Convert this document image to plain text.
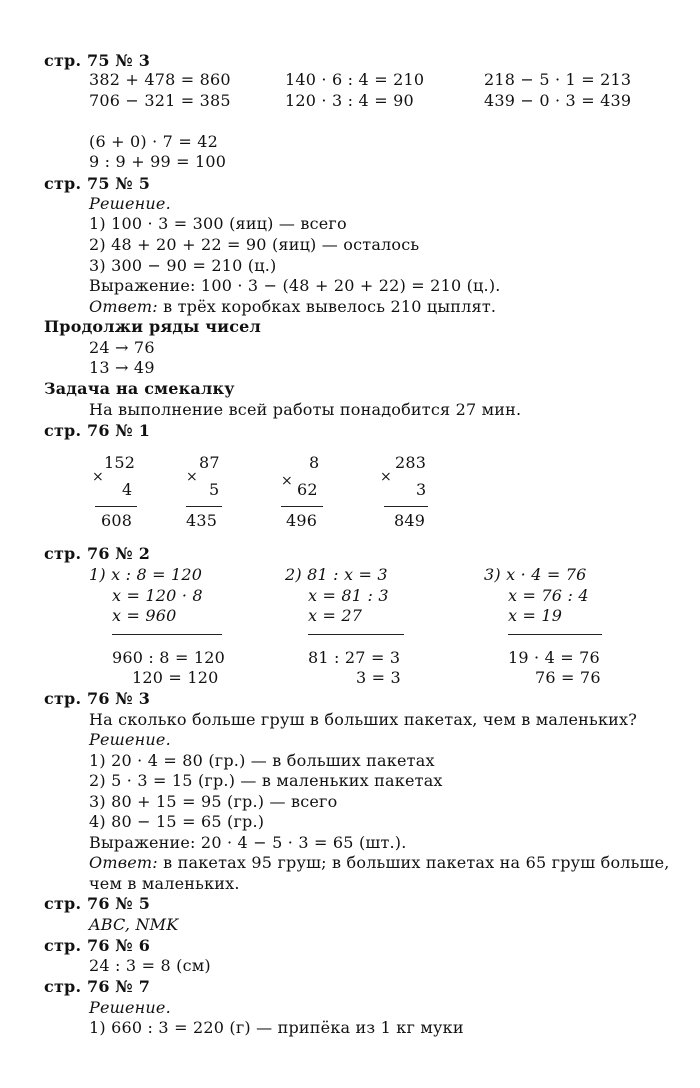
стр. 75 № 3
382 + 478 = 860
706 − 321 = 385
140 · 6 : 4 = 210
120 · 3 : 4 = 90
218 − 5 · 1 = 213
439 − 0 · 3 = 439
(6 + 0) · 7 = 42
9 : 9 + 99 = 100
стр. 75 № 5
Решение.
1) 100 · 3 = 300 (яиц) — всего
2) 48 + 20 + 22 = 90 (яиц) — осталось
3) 300 − 90 = 210 (ц.)
Выражение: 100 · 3 − (48 + 20 + 22) = 210 (ц.).
Ответ: в трёх коробках вывелось 210 цыплят.
Продолжи ряды чисел
24 → 76
13 → 49
Задача на смекалку
На выполнение всей работы понадобится 27 мин.
стр. 76 № 1
×
152
4
608
×
87
5
435
×
8
62
496
×
283
3
849
стр. 76 № 2
1) x : 8 = 120
x = 120 · 8
x = 960
960 : 8 = 120
120 = 120
2) 81 : x = 3
x = 81 : 3
x = 27
81 : 27 = 3
3 = 3
3) x · 4 = 76
x = 76 : 4
x = 19
19 · 4 = 76
76 = 76
стр. 76 № 3
На сколько больше груш в больших пакетах, чем в маленьких?
Решение.
1) 20 · 4 = 80 (гр.) — в больших пакетах
2) 5 · 3 = 15 (гр.) — в маленьких пакетах
3) 80 + 15 = 95 (гр.) — всего
4) 80 − 15 = 65 (гр.)
Выражение: 20 · 4 − 5 · 3 = 65 (шт.).
Ответ: в пакетах 95 груш; в больших пакетах на 65 груш больше,
чем в маленьких.
стр. 76 № 5
ABC, NMK
стр. 76 № 6
24 : 3 = 8 (см)
стр. 76 № 7
Решение.
1) 660 : 3 = 220 (г) — припёка из 1 кг муки
